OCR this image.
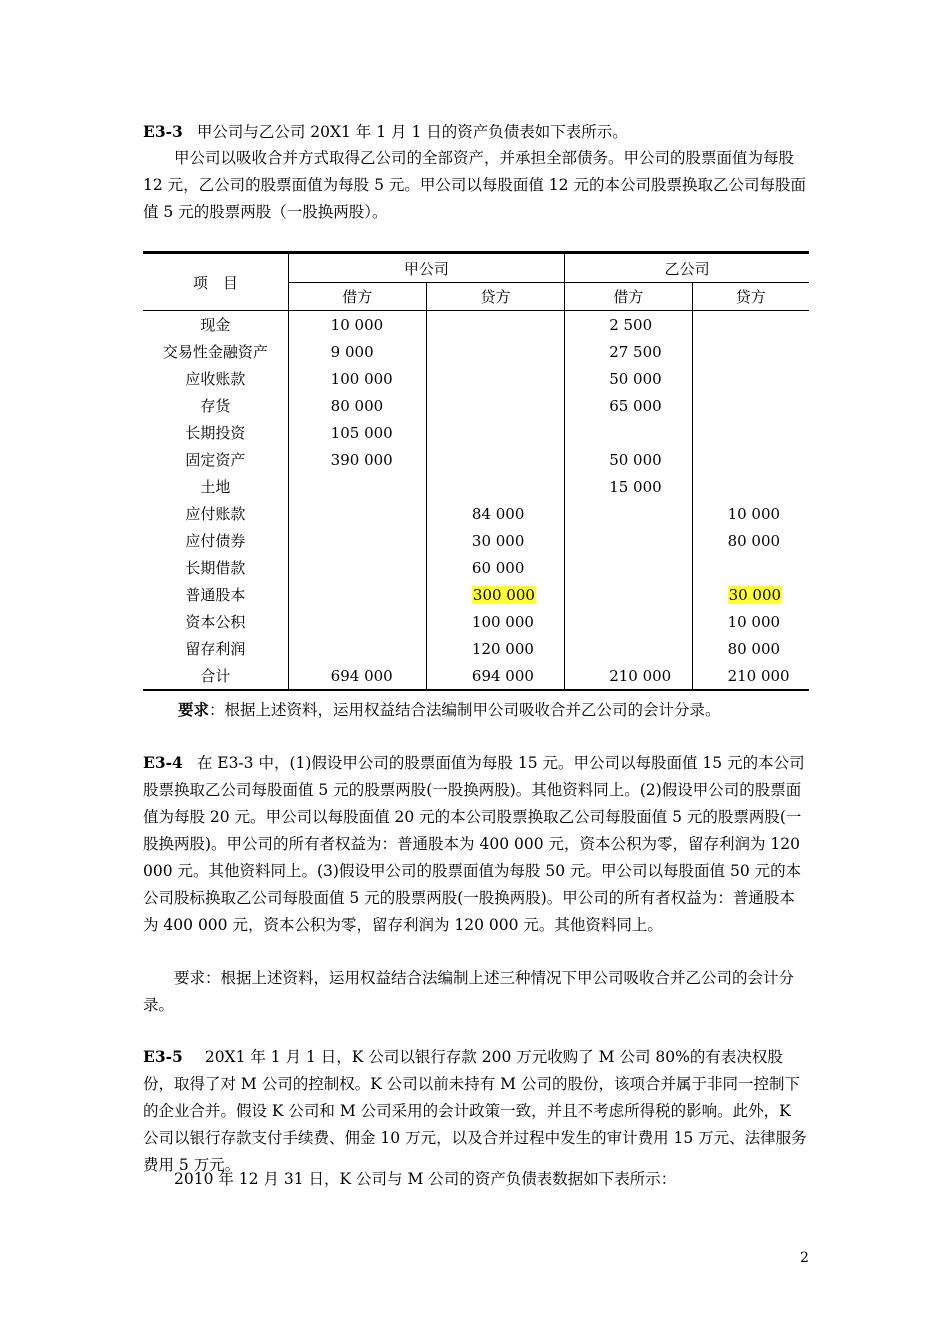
E3-3 甲公司与乙公司 20X1 年 1 月 1 日的资产负债表如下表所示。

甲公司以吸收合并方式取得乙公司的全部资产，并承担全部债务。甲公司的股票面值为每股 12 元，乙公司的股票面值为每股 5 元。甲公司以每股面值 12 元的本公司股票换取乙公司每股面值 5 元的股票两股（一股换两股）。

项　目	甲公司		乙公司	
	借方	贷方	借方	贷方
现金	10 000		2 500	
交易性金融资产	9 000		27 500	
应收账款	100 000		50 000	
存货	80 000		65 000	
长期投资	105 000			
固定资产	390 000		50 000	
土地			15 000	
应付账款		84 000		10 000
应付债券		30 000		80 000
长期借款		60 000		
普通股本		300 000		30 000
资本公积		100 000		10 000
留存利润		120 000		80 000
合计	694 000	694 000	210 000	210 000
要求：根据上述资料，运用权益结合法编制甲公司吸收合并乙公司的会计分录。

E3-4 在 E3-3 中，(1)假设甲公司的股票面值为每股 15 元。甲公司以每股面值 15 元的本公司股票换取乙公司每股面值 5 元的股票两股(一股换两股)。其他资料同上。(2)假设甲公司的股票面值为每股 20 元。甲公司以每股面值 20 元的本公司股票换取乙公司每股面值 5 元的股票两股(一股换两股)。甲公司的所有者权益为：普通股本为 400 000 元，资本公积为零，留存利润为 120 000 元。其他资料同上。(3)假设甲公司的股票面值为每股 50 元。甲公司以每股面值 50 元的本公司股标换取乙公司每股面值 5 元的股票两股(一股换两股)。甲公司的所有者权益为：普通股本为 400 000 元，资本公积为零，留存利润为 120 000 元。其他资料同上。

要求：根据上述资料，运用权益结合法编制上述三种情况下甲公司吸收合并乙公司的会计分录。

E3-5 20X1 年 1 月 1 日，K 公司以银行存款 200 万元收购了 M 公司 80%的有表决权股份，取得了对 M 公司的控制权。K 公司以前未持有 M 公司的股份，该项合并属于非同一控制下的企业合并。假设 K 公司和 M 公司采用的会计政策一致，并且不考虑所得税的影响。此外，K 公司以银行存款支付手续费、佣金 10 万元，以及合并过程中发生的审计费用 15 万元、法律服务费用 5 万元。

2010 年 12 月 31 日，K 公司与 M 公司的资产负债表数据如下表所示：

2
